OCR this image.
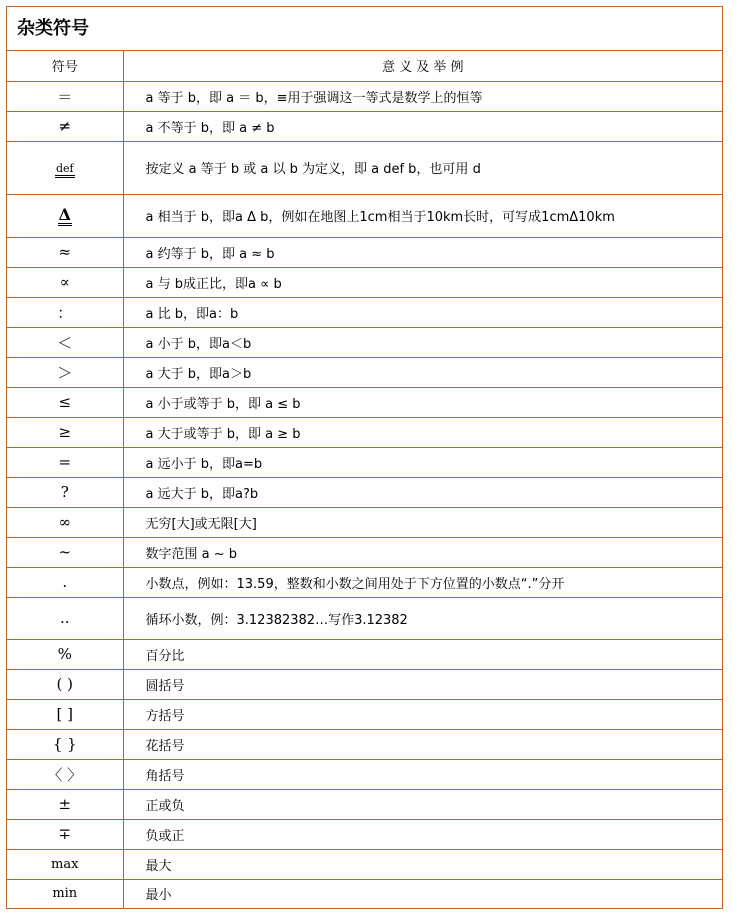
杂类符号
符号	意 义 及 举 例
＝	a 等于 b，即 a ＝ b，≡用于强调这一等式是数学上的恒等
≠	a 不等于 b，即 a ≠ b
def	按定义 a 等于 b 或 a 以 b 为定义，即 a def b，也可用 d
Δ	a 相当于 b，即a Δ b，例如在地图上1cm相当于10km长时，可写成1cmΔ10km
≈	a 约等于 b，即 a ≈ b
∝	a 与 b成正比，即a ∝ b
：	a 比 b，即a：b
＜	a 小于 b，即a＜b
＞	a 大于 b，即a＞b
≤	a 小于或等于 b，即 a ≤ b
≥	a 大于或等于 b，即 a ≥ b
=	a 远小于 b，即a=b
?	a 远大于 b，即a?b
∞	无穷[大]或无限[大]
~	数字范围 a ~ b
.	小数点，例如：13.59，整数和小数之间用处于下方位置的小数点“.”分开
..	循环小数，例：3.12382382…写作3.12382
%	百分比
( )	圆括号
[ ]	方括号
{ }	花括号
〈 〉	角括号
±	正或负
∓	负或正
max	最大
min	最小
